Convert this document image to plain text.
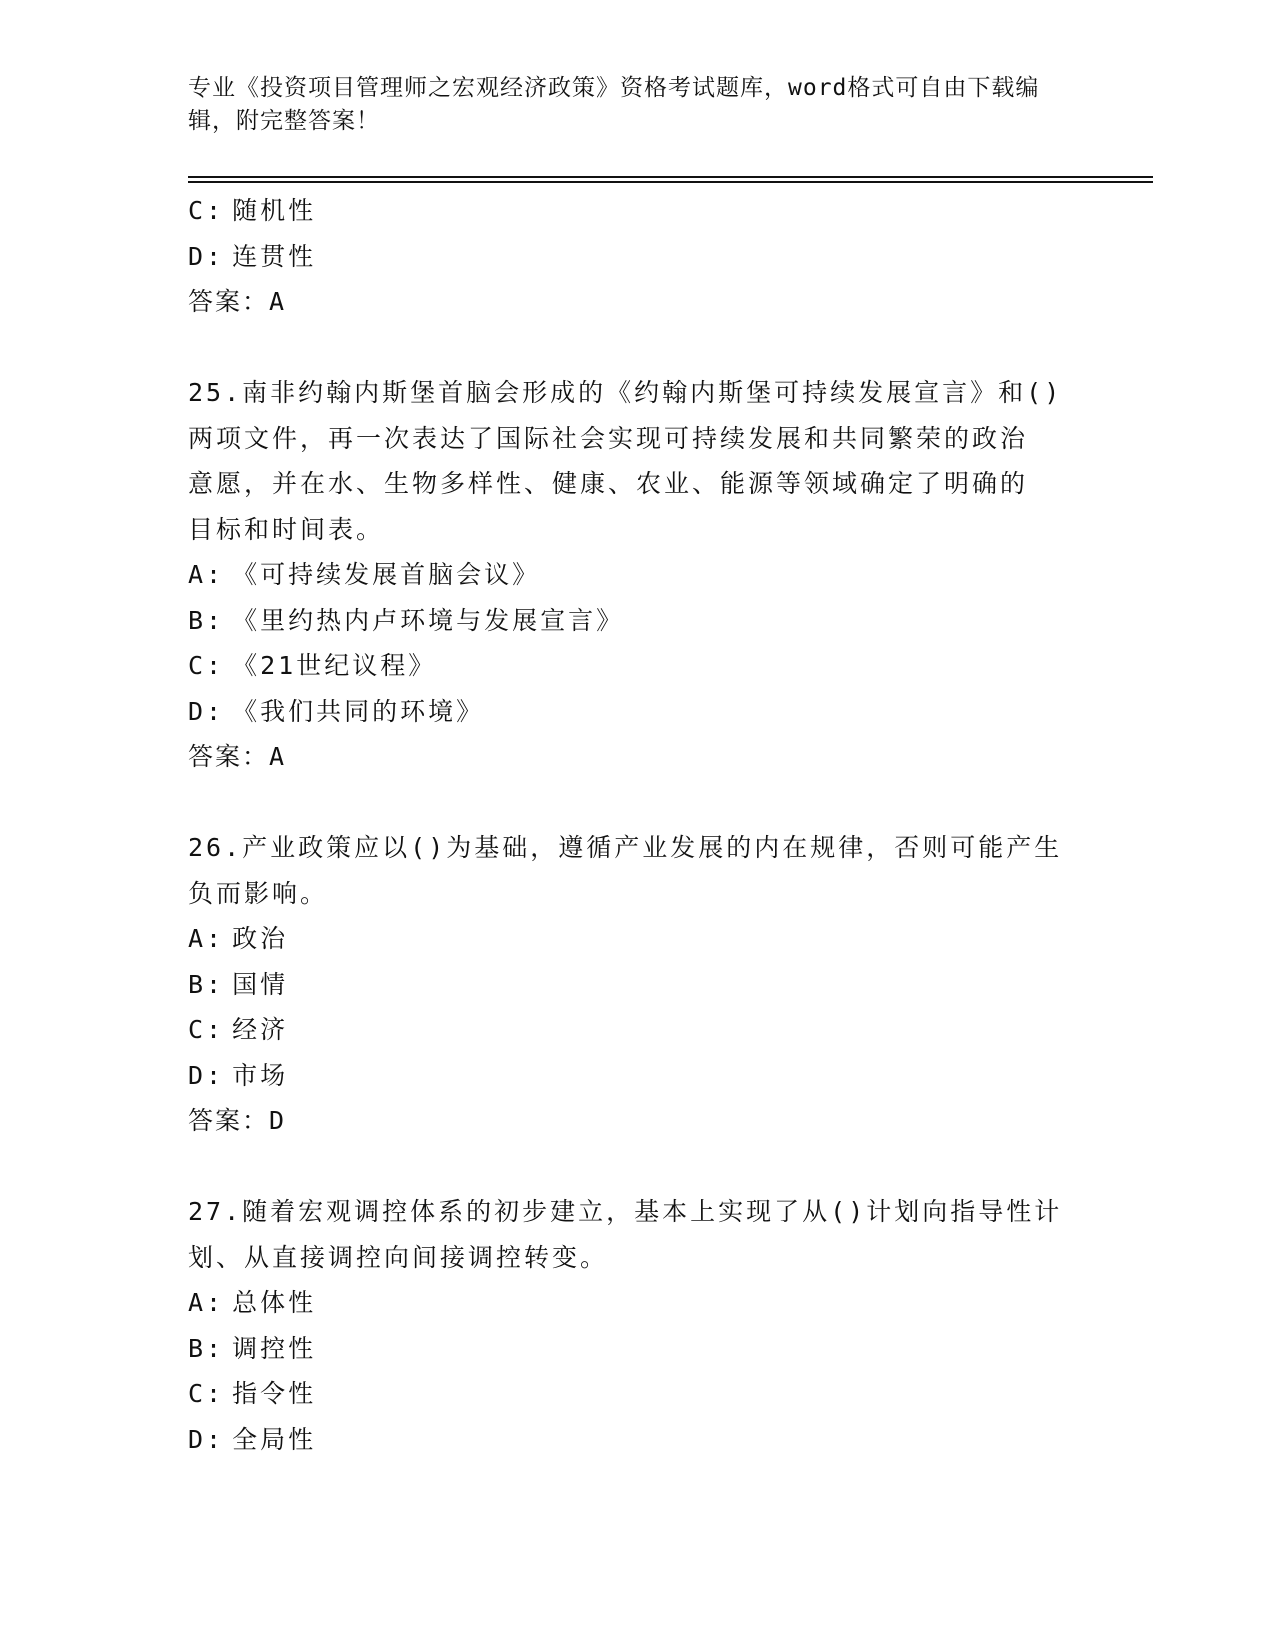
专业《投资项目管理师之宏观经济政策》资格考试题库，word格式可自由下载编
辑，附完整答案！

C: 随机性

D: 连贯性

答案：A

25.南非约翰内斯堡首脑会形成的《约翰内斯堡可持续发展宣言》和()

两项文件，再一次表达了国际社会实现可持续发展和共同繁荣的政治

意愿，并在水、生物多样性、健康、农业、能源等领域确定了明确的

目标和时间表。

A: 《可持续发展首脑会议》

B: 《里约热内卢环境与发展宣言》

C: 《21世纪议程》

D: 《我们共同的环境》

答案：A

26.产业政策应以()为基础，遵循产业发展的内在规律，否则可能产生

负而影响。

A: 政治

B: 国情

C: 经济

D: 市场

答案：D

27.随着宏观调控体系的初步建立，基本上实现了从()计划向指导性计

划、从直接调控向间接调控转变。

A: 总体性

B: 调控性

C: 指令性

D: 全局性
